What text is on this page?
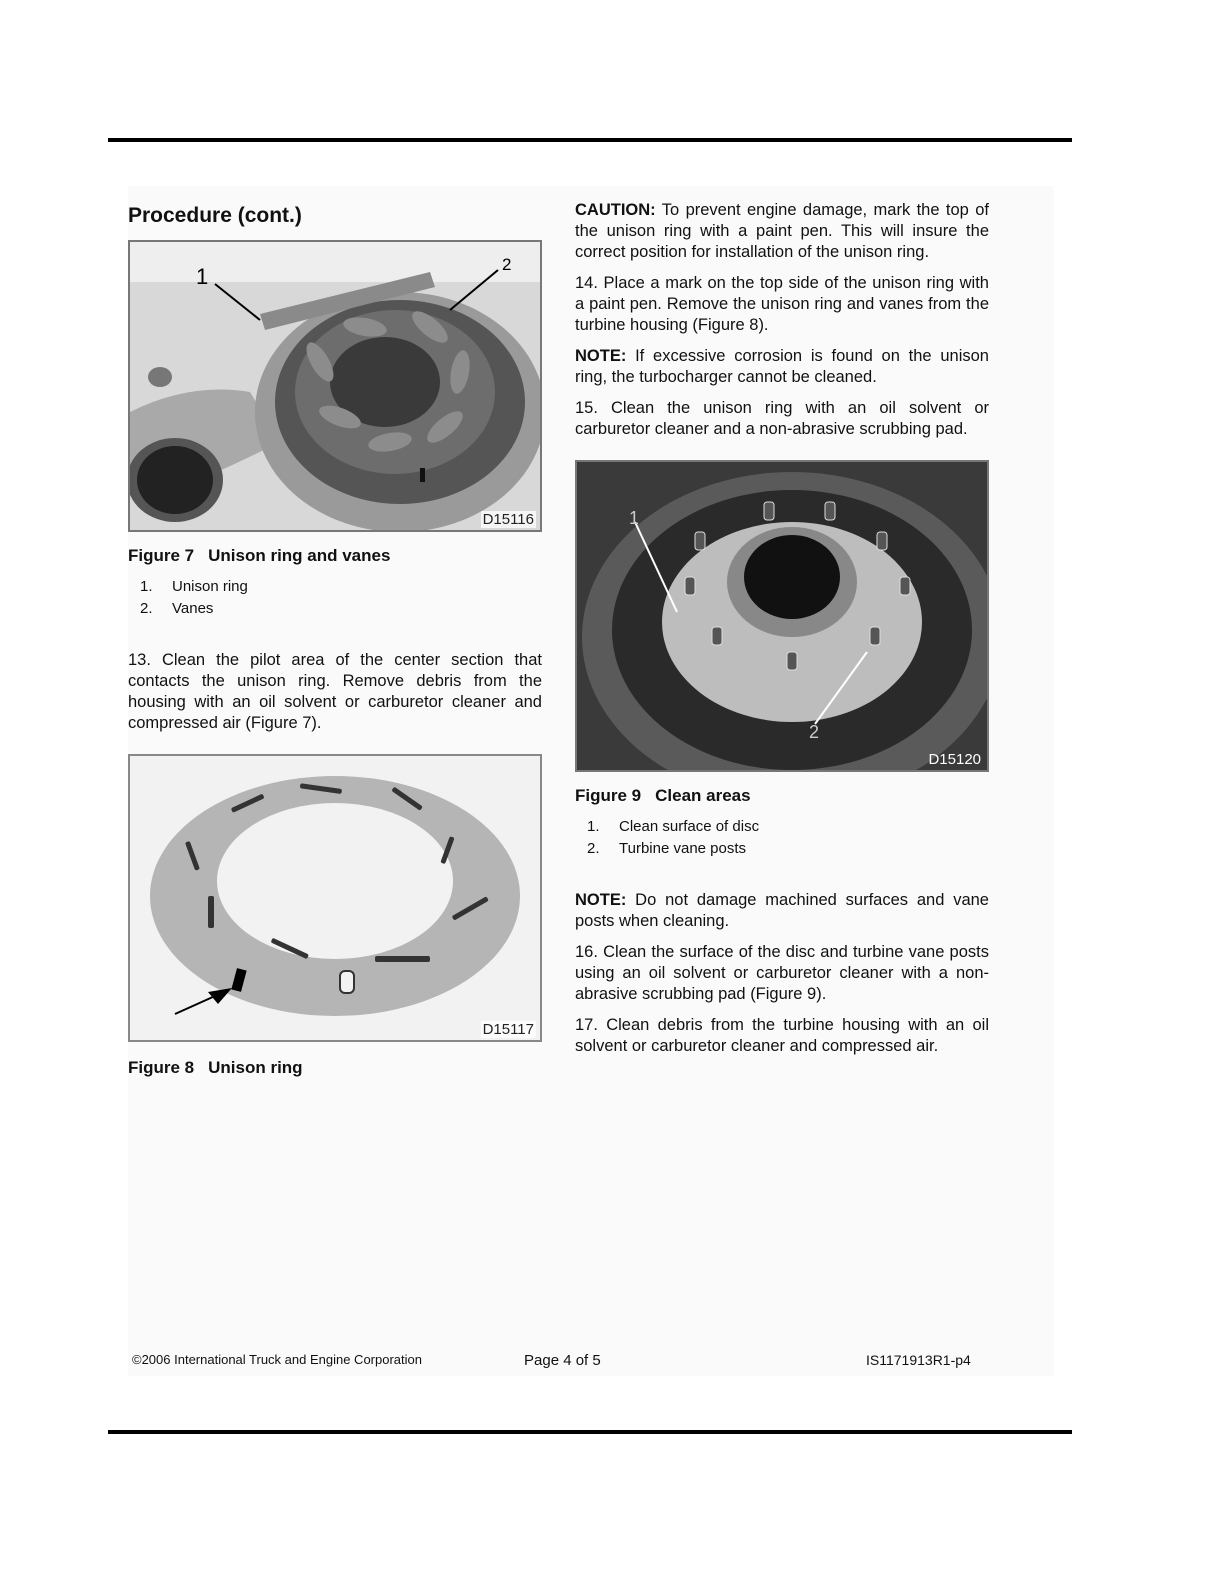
Procedure (cont.)
1	2
D15116
Figure 7 Unison ring and vanes
1. Unison ring
2. Vanes

13. Clean the pilot area of the center section that contacts the unison ring. Remove debris from the housing with an oil solvent or carburetor cleaner and compressed air (Figure 7).

D15117
Figure 8 Unison ring

CAUTION: To prevent engine damage, mark the top of the unison ring with a paint pen. This will insure the correct position for installation of the unison ring.

14. Place a mark on the top side of the unison ring with a paint pen. Remove the unison ring and vanes from the turbine housing (Figure 8).

NOTE: If excessive corrosion is found on the unison ring, the turbocharger cannot be cleaned.

15. Clean the unison ring with an oil solvent or carburetor cleaner and a non-abrasive scrubbing pad.

1
2
D15120
Figure 9 Clean areas
1. Clean surface of disc
2. Turbine vane posts

NOTE: Do not damage machined surfaces and vane posts when cleaning.

16. Clean the surface of the disc and turbine vane posts using an oil solvent or carburetor cleaner with a non-abrasive scrubbing pad (Figure 9).

17. Clean debris from the turbine housing with an oil solvent or carburetor cleaner and compressed air.

©2006 International Truck and Engine Corporation	Page 4 of 5	IS1171913R1-p4
